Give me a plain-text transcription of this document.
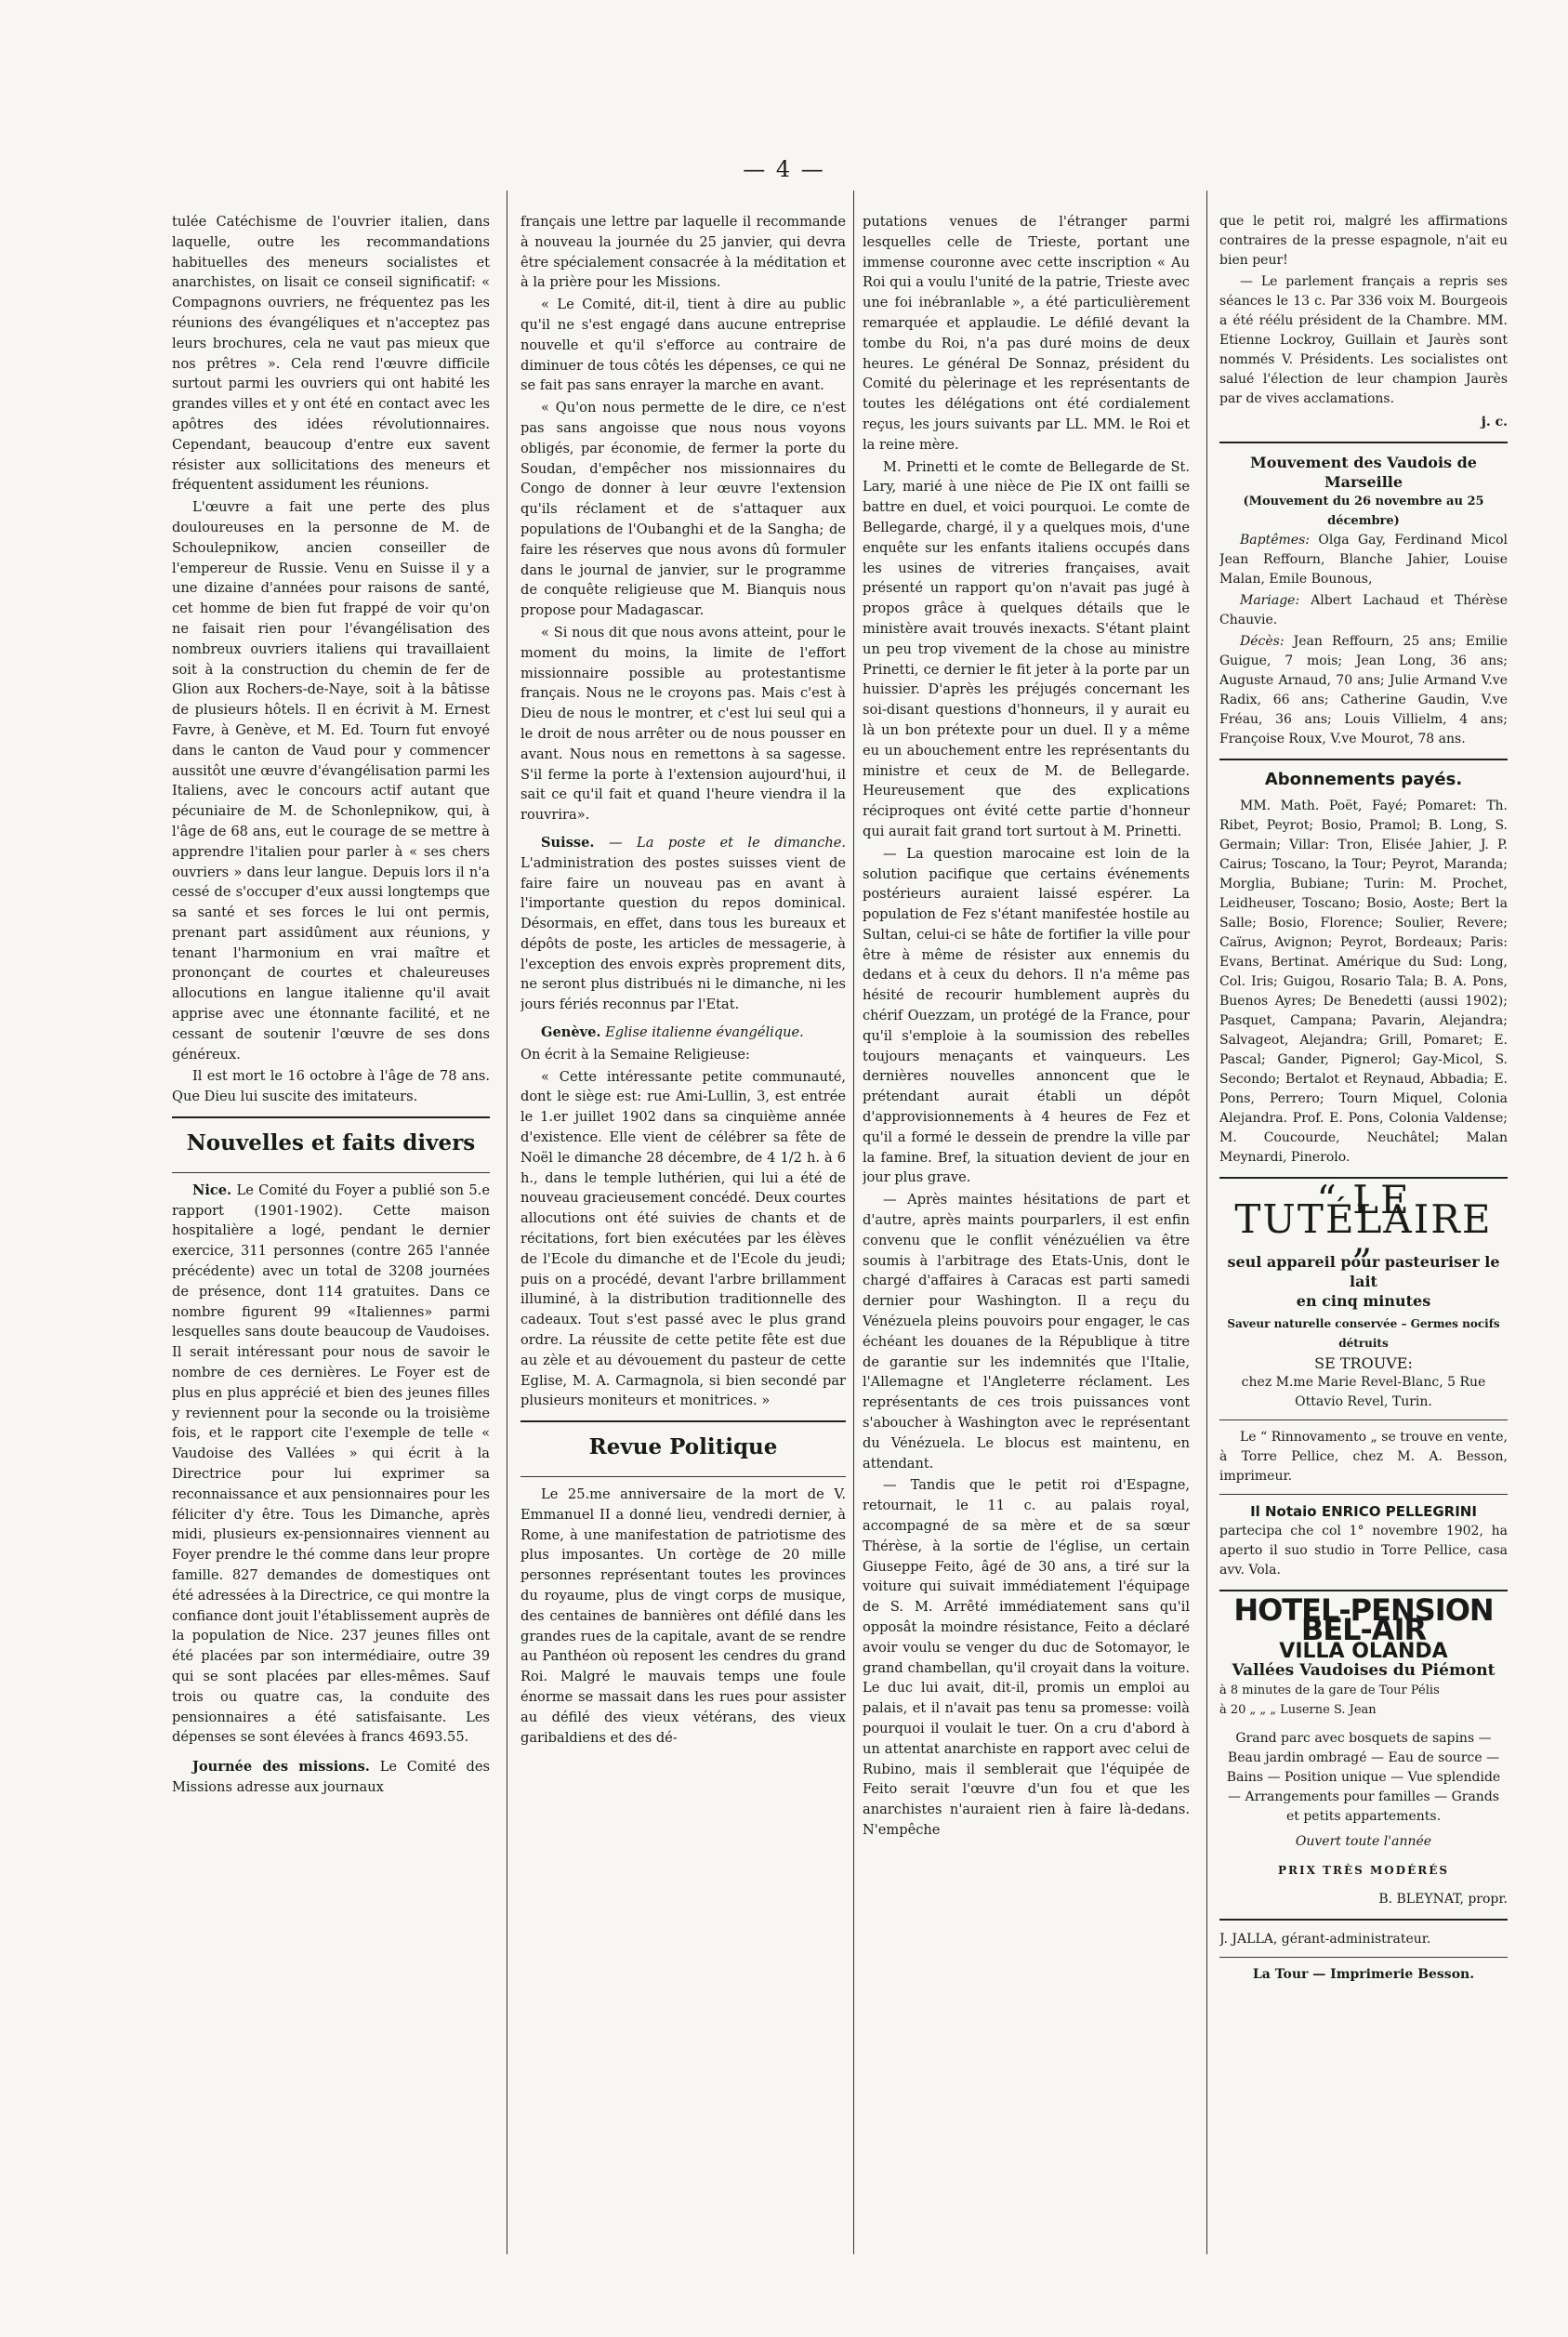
— 4 —

tulée Catéchisme de l'ouvrier italien, dans laquelle, outre les recommandations habituelles des meneurs socialistes et anarchistes, on lisait ce conseil significatif: « Compagnons ouvriers, ne fréquentez pas les réunions des évangéliques et n'acceptez pas leurs brochures, cela ne vaut pas mieux que nos prêtres ». Cela rend l'œuvre difficile surtout parmi les ouvriers qui ont habité les grandes villes et y ont été en contact avec les apôtres des idées révolutionnaires. Cependant, beaucoup d'entre eux savent résister aux sollicitations des meneurs et fréquentent assidument les réunions.

L'œuvre a fait une perte des plus douloureuses en la personne de M. de Schoulepnikow, ancien conseiller de l'empereur de Russie. Venu en Suisse il y a une dizaine d'années pour raisons de santé, cet homme de bien fut frappé de voir qu'on ne faisait rien pour l'évangélisation des nombreux ouvriers italiens qui travaillaient soit à la construction du chemin de fer de Glion aux Rochers-de-Naye, soit à la bâtisse de plusieurs hôtels. Il en écrivit à M. Ernest Favre, à Genève, et M. Ed. Tourn fut envoyé dans le canton de Vaud pour y commencer aussitôt une œuvre d'évangélisation parmi les Italiens, avec le concours actif autant que pécuniaire de M. de Schonlepnikow, qui, à l'âge de 68 ans, eut le courage de se mettre à apprendre l'italien pour parler à « ses chers ouvriers » dans leur langue. Depuis lors il n'a cessé de s'occuper d'eux aussi longtemps que sa santé et ses forces le lui ont permis, prenant part assidûment aux réunions, y tenant l'harmonium en vrai maître et prononçant de courtes et chaleureuses allocutions en langue italienne qu'il avait apprise avec une étonnante facilité, et ne cessant de soutenir l'œuvre de ses dons généreux.

Il est mort le 16 octobre à l'âge de 78 ans. Que Dieu lui suscite des imitateurs.

Nouvelles et faits divers

Nice. Le Comité du Foyer a publié son 5.e rapport (1901-1902). Cette maison hospitalière a logé, pendant le dernier exercice, 311 personnes (contre 265 l'année précédente) avec un total de 3208 journées de présence, dont 114 gratuites. Dans ce nombre figurent 99 «Italiennes» parmi lesquelles sans doute beaucoup de Vaudoises. Il serait intéressant pour nous de savoir le nombre de ces dernières. Le Foyer est de plus en plus apprécié et bien des jeunes filles y reviennent pour la seconde ou la troisième fois, et le rapport cite l'exemple de telle « Vaudoise des Vallées » qui écrit à la Directrice pour lui exprimer sa reconnaissance et aux pensionnaires pour les féliciter d'y être. Tous les Dimanche, après midi, plusieurs ex-pensionnaires viennent au Foyer prendre le thé comme dans leur propre famille. 827 demandes de domestiques ont été adressées à la Directrice, ce qui montre la confiance dont jouit l'établissement auprès de la population de Nice. 237 jeunes filles ont été placées par son intermédiaire, outre 39 qui se sont placées par elles-mêmes. Sauf trois ou quatre cas, la conduite des pensionnaires a été satisfaisante. Les dépenses se sont élevées à francs 4693.55.

Journée des missions. Le Comité des Missions adresse aux journaux

français une lettre par laquelle il recommande à nouveau la journée du 25 janvier, qui devra être spécialement consacrée à la méditation et à la prière pour les Missions.

« Le Comité, dit-il, tient à dire au public qu'il ne s'est engagé dans aucune entreprise nouvelle et qu'il s'efforce au contraire de diminuer de tous côtés les dépenses, ce qui ne se fait pas sans enrayer la marche en avant.

« Qu'on nous permette de le dire, ce n'est pas sans angoisse que nous nous voyons obligés, par économie, de fermer la porte du Soudan, d'empêcher nos missionnaires du Congo de donner à leur œuvre l'extension qu'ils réclament et de s'attaquer aux populations de l'Oubanghi et de la Sangha; de faire les réserves que nous avons dû formuler dans le journal de janvier, sur le programme de conquête religieuse que M. Bianquis nous propose pour Madagascar.

« Si nous dit que nous avons atteint, pour le moment du moins, la limite de l'effort missionnaire possible au protestantisme français. Nous ne le croyons pas. Mais c'est à Dieu de nous le montrer, et c'est lui seul qui a le droit de nous arrêter ou de nous pousser en avant. Nous nous en remettons à sa sagesse. S'il ferme la porte à l'extension aujourd'hui, il sait ce qu'il fait et quand l'heure viendra il la rouvrira».

Suisse. — La poste et le dimanche. L'administration des postes suisses vient de faire faire un nouveau pas en avant à l'importante question du repos dominical. Désormais, en effet, dans tous les bureaux et dépôts de poste, les articles de messagerie, à l'exception des envois exprès proprement dits, ne seront plus distribués ni le dimanche, ni les jours fériés reconnus par l'Etat.

Genève. Eglise italienne évangélique.

On écrit à la Semaine Religieuse:

« Cette intéressante petite communauté, dont le siège est: rue Ami-Lullin, 3, est entrée le 1.er juillet 1902 dans sa cinquième année d'existence. Elle vient de célébrer sa fête de Noël le dimanche 28 décembre, de 4 1/2 h. à 6 h., dans le temple luthérien, qui lui a été de nouveau gracieusement concédé. Deux courtes allocutions ont été suivies de chants et de récitations, fort bien exécutées par les élèves de l'Ecole du dimanche et de l'Ecole du jeudi; puis on a procédé, devant l'arbre brillamment illuminé, à la distribution traditionnelle des cadeaux. Tout s'est passé avec le plus grand ordre. La réussite de cette petite fête est due au zèle et au dévouement du pasteur de cette Eglise, M. A. Carmagnola, si bien secondé par plusieurs moniteurs et monitrices. »

Revue Politique

Le 25.me anniversaire de la mort de V. Emmanuel II a donné lieu, vendredi dernier, à Rome, à une manifestation de patriotisme des plus imposantes. Un cortège de 20 mille personnes représentant toutes les provinces du royaume, plus de vingt corps de musique, des centaines de bannières ont défilé dans les grandes rues de la capitale, avant de se rendre au Panthéon où reposent les cendres du grand Roi. Malgré le mauvais temps une foule énorme se massait dans les rues pour assister au défilé des vieux vétérans, des vieux garibaldiens et des dé-

putations venues de l'étranger parmi lesquelles celle de Trieste, portant une immense couronne avec cette inscription « Au Roi qui a voulu l'unité de la patrie, Trieste avec une foi inébranlable », a été particulièrement remarquée et applaudie. Le défilé devant la tombe du Roi, n'a pas duré moins de deux heures. Le général De Sonnaz, président du Comité du pèlerinage et les représentants de toutes les délégations ont été cordialement reçus, les jours suivants par LL. MM. le Roi et la reine mère.

M. Prinetti et le comte de Bellegarde de St. Lary, marié à une nièce de Pie IX ont failli se battre en duel, et voici pourquoi. Le comte de Bellegarde, chargé, il y a quelques mois, d'une enquête sur les enfants italiens occupés dans les usines de vitreries françaises, avait présenté un rapport qu'on n'avait pas jugé à propos grâce à quelques détails que le ministère avait trouvés inexacts. S'étant plaint un peu trop vivement de la chose au ministre Prinetti, ce dernier le fit jeter à la porte par un huissier. D'après les préjugés concernant les soi-disant questions d'honneurs, il y aurait eu là un bon prétexte pour un duel. Il y a même eu un abouchement entre les représentants du ministre et ceux de M. de Bellegarde. Heureusement que des explications réciproques ont évité cette partie d'honneur qui aurait fait grand tort surtout à M. Prinetti.

— La question marocaine est loin de la solution pacifique que certains événements postérieurs auraient laissé espérer. La population de Fez s'étant manifestée hostile au Sultan, celui-ci se hâte de fortifier la ville pour être à même de résister aux ennemis du dedans et à ceux du dehors. Il n'a même pas hésité de recourir humblement auprès du chérif Ouezzam, un protégé de la France, pour qu'il s'emploie à la soumission des rebelles toujours menaçants et vainqueurs. Les dernières nouvelles annoncent que le prétendant aurait établi un dépôt d'approvisionnements à 4 heures de Fez et qu'il a formé le dessein de prendre la ville par la famine. Bref, la situation devient de jour en jour plus grave.

— Après maintes hésitations de part et d'autre, après maints pourparlers, il est enfin convenu que le conflit vénézuélien va être soumis à l'arbitrage des Etats-Unis, dont le chargé d'affaires à Caracas est parti samedi dernier pour Washington. Il a reçu du Vénézuela pleins pouvoirs pour engager, le cas échéant les douanes de la République à titre de garantie sur les indemnités que l'Italie, l'Allemagne et l'Angleterre réclament. Les représentants de ces trois puissances vont s'aboucher à Washington avec le représentant du Vénézuela. Le blocus est maintenu, en attendant.

— Tandis que le petit roi d'Espagne, retournait, le 11 c. au palais royal, accompagné de sa mère et de sa sœur Thérèse, à la sortie de l'église, un certain Giuseppe Feito, âgé de 30 ans, a tiré sur la voiture qui suivait immédiatement l'équipage de S. M. Arrêté immédiatement sans qu'il opposât la moindre résistance, Feito a déclaré avoir voulu se venger du duc de Sotomayor, le grand chambellan, qu'il croyait dans la voiture. Le duc lui avait, dit-il, promis un emploi au palais, et il n'avait pas tenu sa promesse: voilà pourquoi il voulait le tuer. On a cru d'abord à un attentat anarchiste en rapport avec celui de Rubino, mais il semblerait que l'équipée de Feito serait l'œuvre d'un fou et que les anarchistes n'auraient rien à faire là-dedans. N'empêche

que le petit roi, malgré les affirmations contraires de la presse espagnole, n'ait eu bien peur!

— Le parlement français a repris ses séances le 13 c. Par 336 voix M. Bourgeois a été réélu président de la Chambre. MM. Etienne Lockroy, Guillain et Jaurès sont nommés V. Présidents. Les socialistes ont salué l'élection de leur champion Jaurès par de vives acclamations.

j. c.
Mouvement des Vaudois de Marseille
(Mouvement du 26 novembre au 25 décembre)

Baptêmes: Olga Gay, Ferdinand Micol Jean Reffourn, Blanche Jahier, Louise Malan, Emile Bounous,

Mariage: Albert Lachaud et Thérèse Chauvie.

Décès: Jean Reffourn, 25 ans; Emilie Guigue, 7 mois; Jean Long, 36 ans; Auguste Arnaud, 70 ans; Julie Armand V.ve Radix, 66 ans; Catherine Gaudin, V.ve Fréau, 36 ans; Louis Villielm, 4 ans; Françoise Roux, V.ve Mourot, 78 ans.

Abonnements payés.

MM. Math. Poët, Fayé; Pomaret: Th. Ribet, Peyrot; Bosio, Pramol; B. Long, S. Germain; Villar: Tron, Elisée Jahier, J. P. Cairus; Toscano, la Tour; Peyrot, Maranda; Morglia, Bubiane; Turin: M. Prochet, Leidheuser, Toscano; Bosio, Aoste; Bert la Salle; Bosio, Florence; Soulier, Revere; Caïrus, Avignon; Peyrot, Bordeaux; Paris: Evans, Bertinat. Amérique du Sud: Long, Col. Iris; Guigou, Rosario Tala; B. A. Pons, Buenos Ayres; De Benedetti (aussi 1902); Pasquet, Campana; Pavarin, Alejandra; Salvageot, Alejandra; Grill, Pomaret; E. Pascal; Gander, Pignerol; Gay-Micol, S. Secondo; Bertalot et Reynaud, Abbadia; E. Pons, Perrero; Tourn Miquel, Colonia Alejandra. Prof. E. Pons, Colonia Valdense; M. Coucourde, Neuchâtel; Malan Meynardi, Pinerolo.

“ LE TUTÉLAIRE „
seul appareil pour pasteuriser le lait
en cinq minutes
Saveur naturelle conservée – Germes nocifs détruits
SE TROUVE:
chez M.me Marie Revel-Blanc, 5 Rue Ottavio Revel, Turin.

Le “ Rinnovamento „ se trouve en vente, à Torre Pellice, chez M. A. Besson, imprimeur.

Il Notaio ENRICO PELLEGRINI

partecipa che col 1° novembre 1902, ha aperto il suo studio in Torre Pellice, casa avv. Vola.

HOTEL-PENSION BEL-AIR
VILLA OLANDA
Vallées Vaudoises du Piémont
à 8 minutes de la gare de Tour Pélis
à 20 „ „ „ Luserne S. Jean

Grand parc avec bosquets de sapins — Beau jardin ombragé — Eau de source — Bains — Position unique — Vue splendide — Arrangements pour familles — Grands et petits appartements.

Ouvert toute l'année
PRIX TRÈS MODÉRÉS
B. BLEYNAT, propr.
J. JALLA, gérant-administrateur.
La Tour — Imprimerie Besson.
